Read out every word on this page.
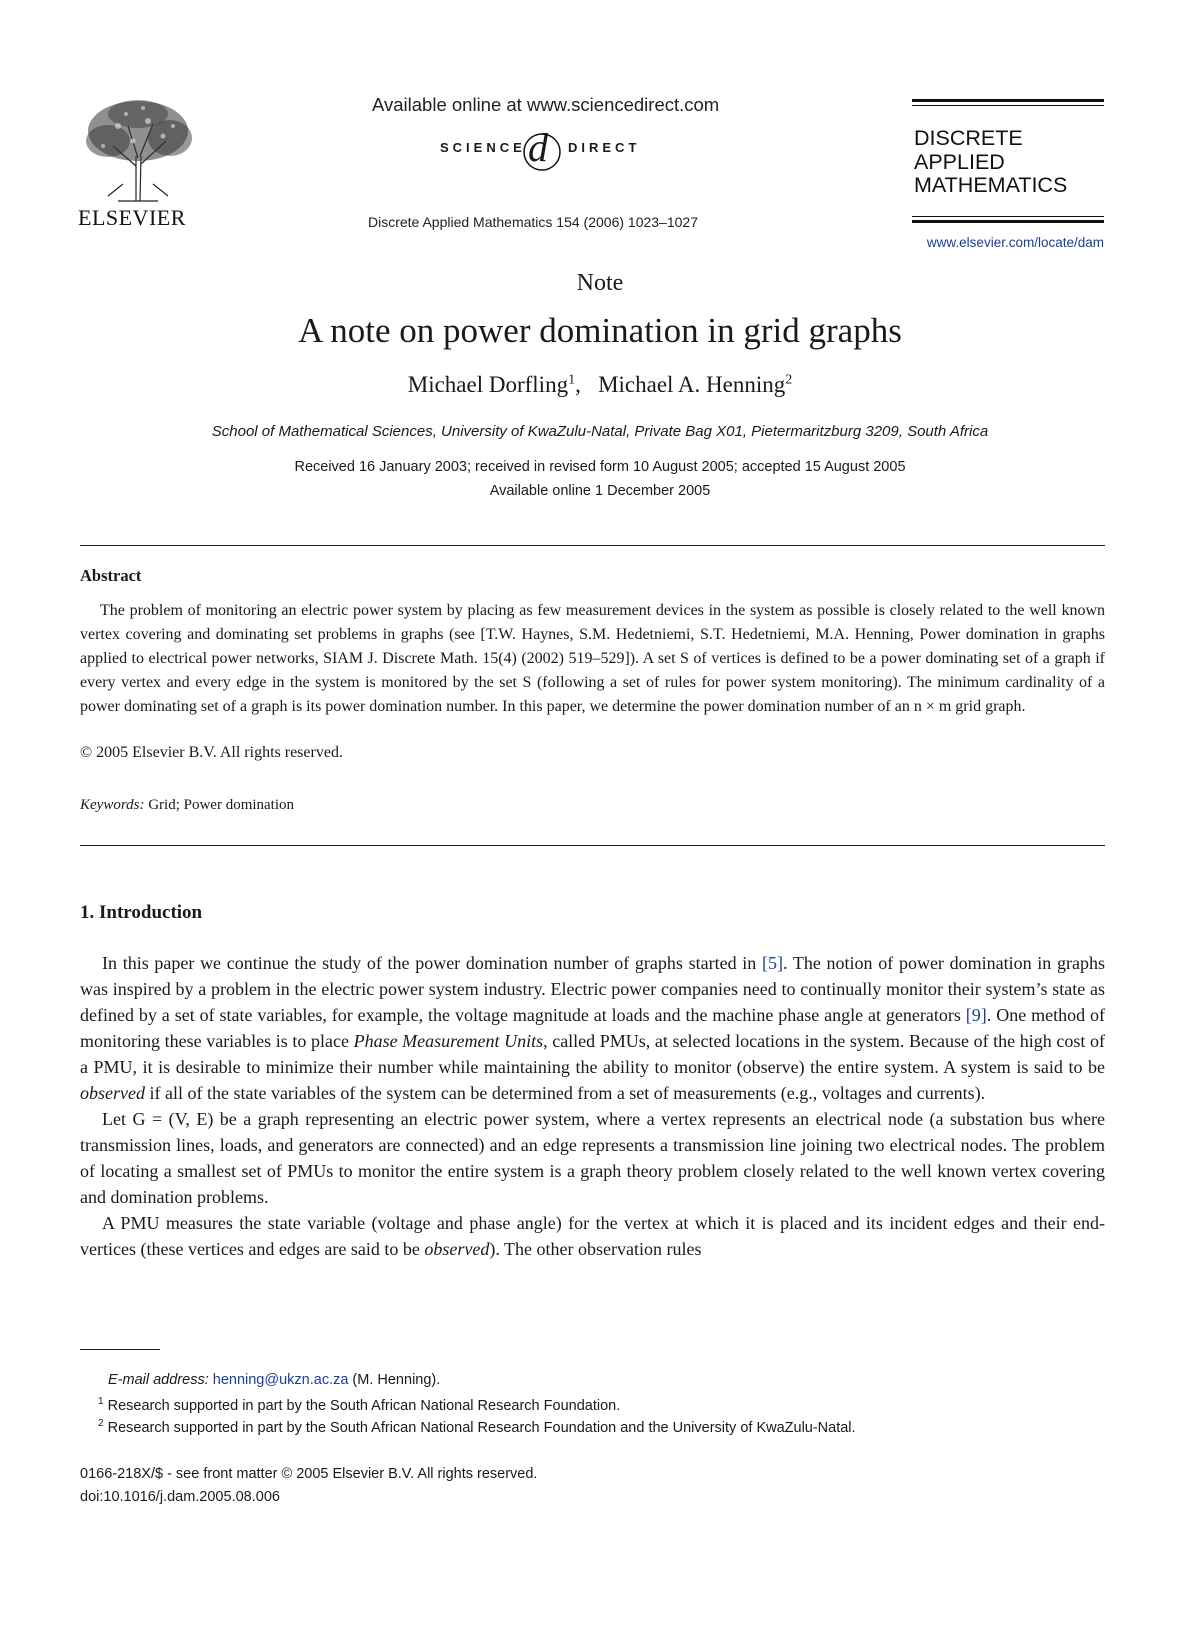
ELSEVIER
Available online at www.sciencedirect.com
SCIENCE d DIRECT
Discrete Applied Mathematics 154 (2006) 1023–1027
DISCRETE
APPLIED
MATHEMATICS
www.elsevier.com/locate/dam
Note
A note on power domination in grid graphs
Michael Dorfling$^1$, Michael A. Henning$^2$
School of Mathematical Sciences, University of KwaZulu-Natal, Private Bag X01, Pietermaritzburg 3209, South Africa
Received 16 January 2003; received in revised form 10 August 2005; accepted 15 August 2005
Available online 1 December 2005
Abstract
The problem of monitoring an electric power system by placing as few measurement devices in the system as possible is closely related to the well known vertex covering and dominating set problems in graphs (see [T.W. Haynes, S.M. Hedetniemi, S.T. Hedetniemi, M.A. Henning, Power domination in graphs applied to electrical power networks, SIAM J. Discrete Math. 15(4) (2002) 519–529]). A set S of vertices is defined to be a power dominating set of a graph if every vertex and every edge in the system is monitored by the set S (following a set of rules for power system monitoring). The minimum cardinality of a power dominating set of a graph is its power domination number. In this paper, we determine the power domination number of an n × m grid graph.
© 2005 Elsevier B.V. All rights reserved.
Keywords: Grid; Power domination
1. Introduction

In this paper we continue the study of the power domination number of graphs started in [5]. The notion of power domination in graphs was inspired by a problem in the electric power system industry. Electric power companies need to continually monitor their system’s state as defined by a set of state variables, for example, the voltage magnitude at loads and the machine phase angle at generators [9]. One method of monitoring these variables is to place Phase Measurement Units, called PMUs, at selected locations in the system. Because of the high cost of a PMU, it is desirable to minimize their number while maintaining the ability to monitor (observe) the entire system. A system is said to be observed if all of the state variables of the system can be determined from a set of measurements (e.g., voltages and currents).

Let G = (V, E) be a graph representing an electric power system, where a vertex represents an electrical node (a substation bus where transmission lines, loads, and generators are connected) and an edge represents a transmission line joining two electrical nodes. The problem of locating a smallest set of PMUs to monitor the entire system is a graph theory problem closely related to the well known vertex covering and domination problems.

A PMU measures the state variable (voltage and phase angle) for the vertex at which it is placed and its incident edges and their end-vertices (these vertices and edges are said to be observed). The other observation rules

E-mail address: henning@ukzn.ac.za (M. Henning).
$^1$ Research supported in part by the South African National Research Foundation.
$^2$ Research supported in part by the South African National Research Foundation and the University of KwaZulu-Natal.
0166-218X/$ - see front matter © 2005 Elsevier B.V. All rights reserved.
doi:10.1016/j.dam.2005.08.006
